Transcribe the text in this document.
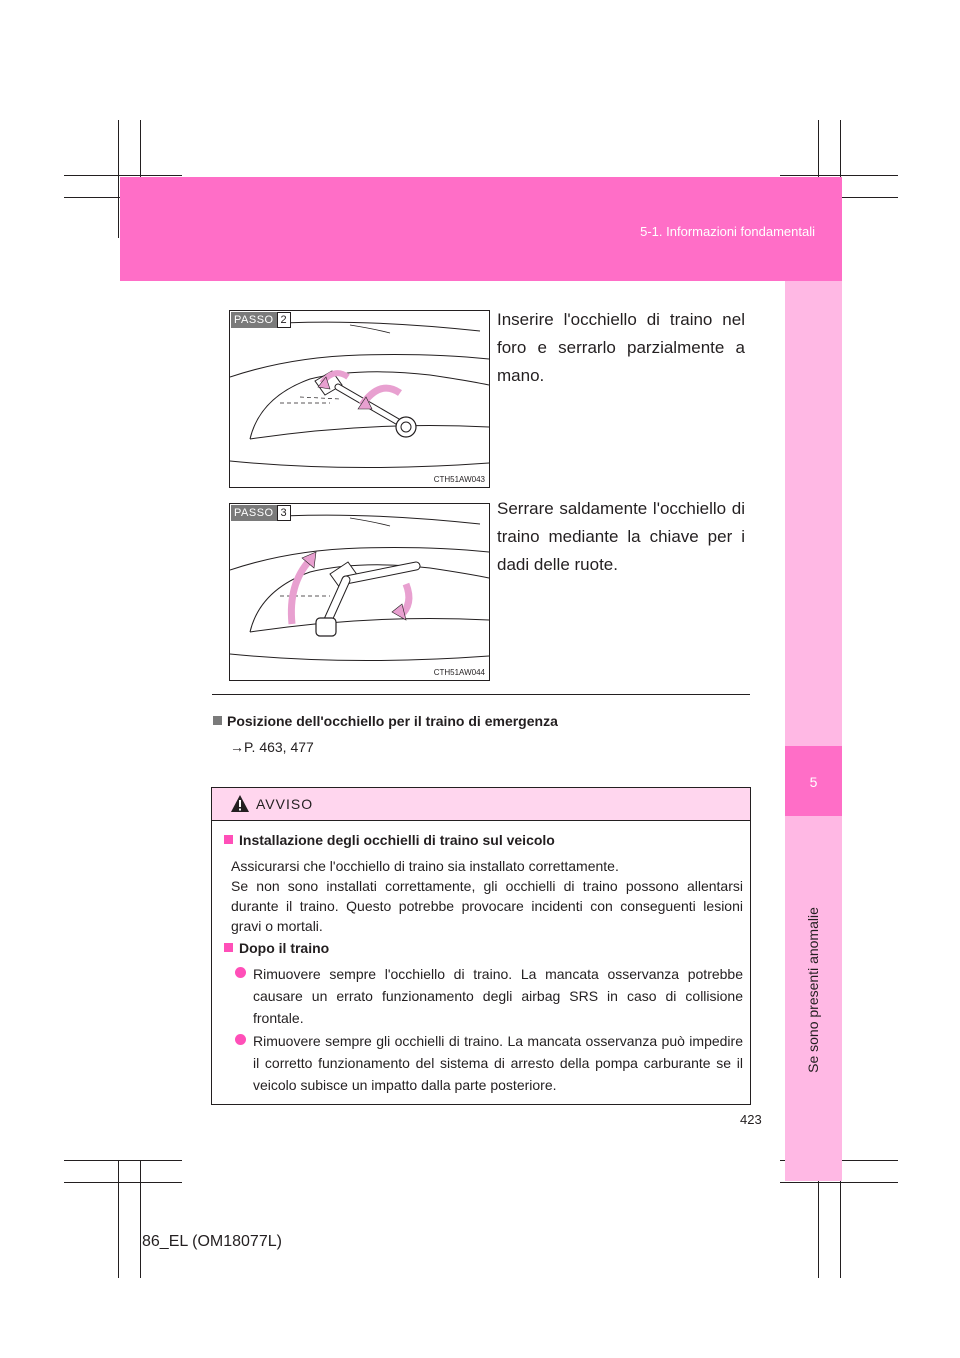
5-1. Informazioni fondamentali
5
Se sono presenti anomalie
PASSO 2
CTH51AW043
Inserire l'occhiello di traino nel foro e serrarlo parzialmente a mano.
PASSO 3
CTH51AW044
Serrare saldamente l'occhiello di traino mediante la chiave per i dadi delle ruote.
Posizione dell'occhiello per il traino di emergenza
→P. 463, 477
AVVISO
Installazione degli occhielli di traino sul veicolo
Assicurarsi che l'occhiello di traino sia installato correttamente.
Se non sono installati correttamente, gli occhielli di traino possono allentarsi durante il traino. Questo potrebbe provocare incidenti con conseguenti lesioni gravi o mortali.
Dopo il traino
Rimuovere sempre l'occhiello di traino. La mancata osservanza potrebbe causare un errato funzionamento degli airbag SRS in caso di collisione frontale.
Rimuovere sempre gli occhielli di traino. La mancata osservanza può impedire il corretto funzionamento del sistema di arresto della pompa carburante se il veicolo subisce un impatto dalla parte posteriore.
423
86_EL (OM18077L)
